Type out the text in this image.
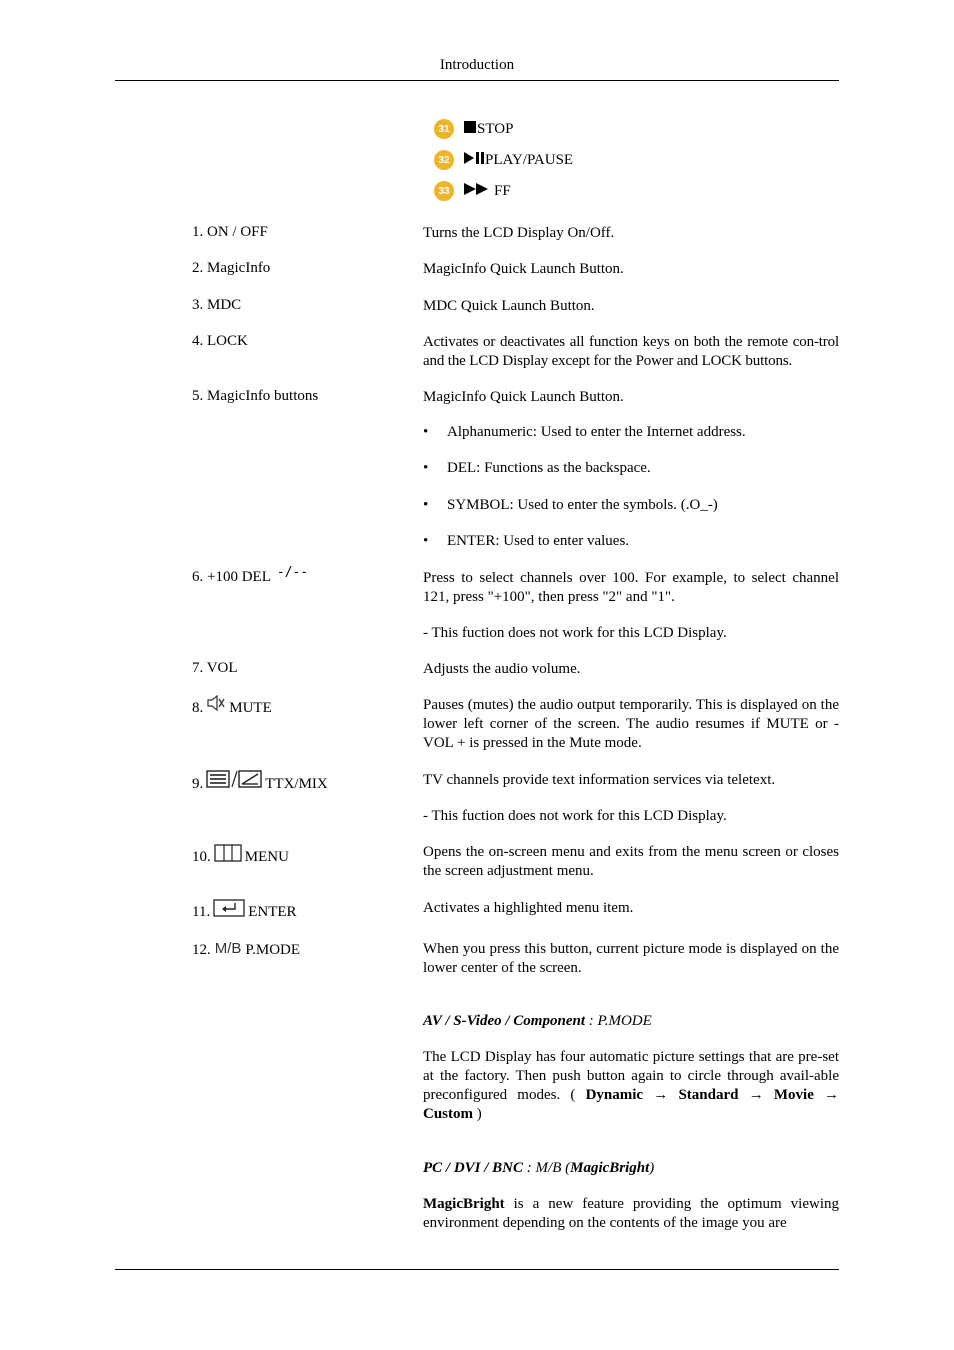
Introduction
31 STOP
32 PLAY/PAUSE
33	FF
1. ON / OFF	Turns the LCD Display On/Off.
2. MagicInfo	MagicInfo Quick Launch Button.
3. MDC	MDC Quick Launch Button.
4. LOCK	Activates or deactivates all function keys on both the remote con-trol and the LCD Display except for the Power and LOCK buttons.
5. MagicInfo buttons	MagicInfo Quick Launch Button.
• Alphanumeric: Used to enter the Internet address.
• DEL: Functions as the backspace.
• SYMBOL: Used to enter the symbols. (.O_-)
• ENTER: Used to enter values.
6. +100 DEL -/--	Press to select channels over 100. For example, to select channel 121, press "+100", then press "2" and "1".
- This fuction does not work for this LCD Display.
7. VOL	Adjusts the audio volume.
8. MUTE	Pauses (mutes) the audio output temporarily. This is displayed on the lower left corner of the screen. The audio resumes if MUTE or - VOL + is pressed in the Mute mode.
9.	TTX/MIX	TV channels provide text information services via teletext.
- This fuction does not work for this LCD Display.
10. MENU	Opens the on-screen menu and exits from the menu screen or closes the screen adjustment menu.
11.	ENTER	Activates a highlighted menu item.
12. M/B P.MODE	When you press this button, current picture mode is displayed on the lower center of the screen.
AV / S-Video / Component : P.MODE
The LCD Display has four automatic picture settings that are pre-set at the factory. Then push button again to circle through avail-able preconfigured modes. ( Dynamic → Standard → Movie → Custom )
PC / DVI / BNC : M/B (MagicBright)
MagicBright is a new feature providing the optimum viewing environment depending on the contents of the image you are
